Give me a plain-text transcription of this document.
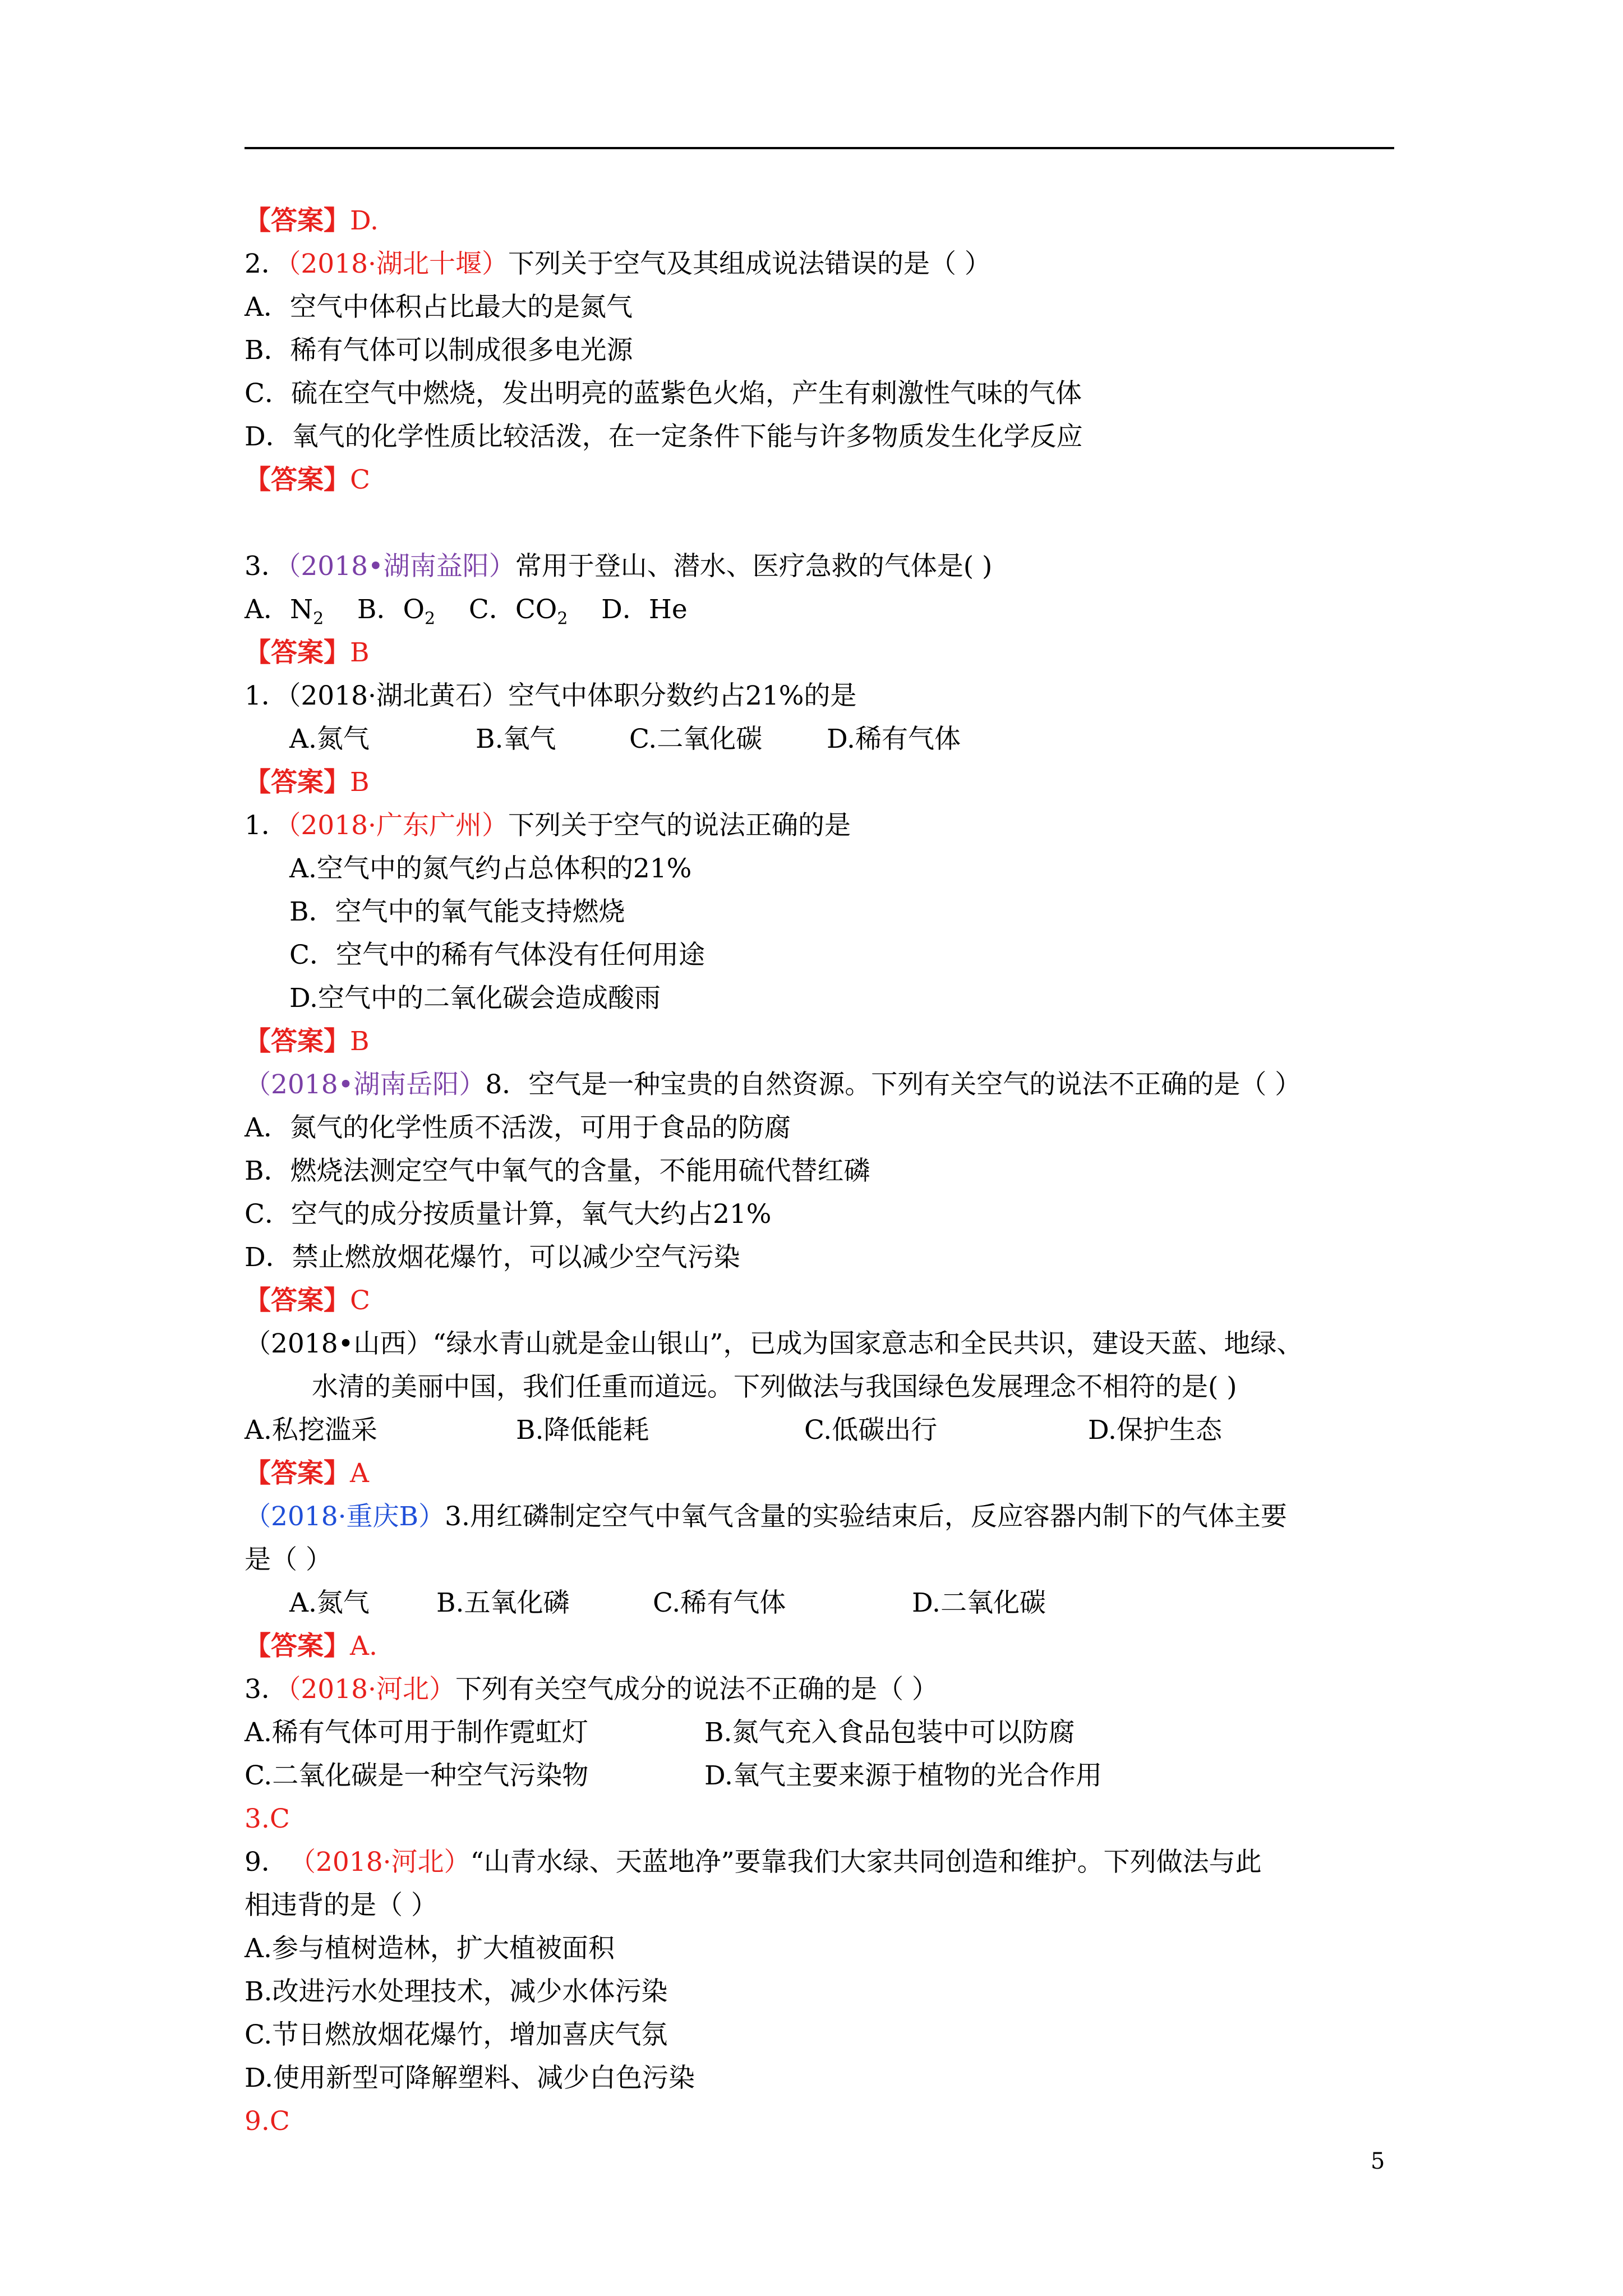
【答案】D.
2．（2018·湖北十堰）下列关于空气及其组成说法错误的是（ ）
A．空气中体积占比最大的是氮气
B．稀有气体可以制成很多电光源
C．硫在空气中燃烧，发出明亮的蓝紫色火焰，产生有刺激性气味的气体
D．氧气的化学性质比较活泼，在一定条件下能与许多物质发生化学反应
【答案】C
3．（2018•湖南益阳）常用于登山、潜水、医疗急救的气体是( )
A．$N_2$    B．$O_2$    C．$CO_2$    D．He
【答案】B
1．（2018·湖北黄石）空气中体职分数约占21%的是
A.氮气	B.氧气	C.二氧化碳 D.稀有气体
【答案】B
1．（2018·广东广州）下列关于空气的说法正确的是
A.空气中的氮气约占总体积的21%
B．空气中的氧气能支持燃烧
C．空气中的稀有气体没有任何用途
D.空气中的二氧化碳会造成酸雨
【答案】B
（2018•湖南岳阳）8．空气是一种宝贵的自然资源。下列有关空气的说法不正确的是（ ）
A．氮气的化学性质不活泼，可用于食品的防腐
B．燃烧法测定空气中氧气的含量，不能用硫代替红磷
C．空气的成分按质量计算，氧气大约占21%
D．禁止燃放烟花爆竹，可以减少空气污染
【答案】C
（2018•山西）“绿水青山就是金山银山”，已成为国家意志和全民共识，建设天蓝、地绿、
水清的美丽中国，我们任重而道远。下列做法与我国绿色发展理念不相符的是( )
A.私挖滥采	B.降低能耗	C.低碳出行	D.保护生态
【答案】A
（2018·重庆B）3.用红磷制定空气中氧气含量的实验结束后，反应容器内制下的气体主要
是（ ）
A.氮气	B.五氧化磷	C.稀有气体	D.二氧化碳
【答案】A.
3．（2018·河北）下列有关空气成分的说法不正确的是（ ）
A.稀有气体可用于制作霓虹灯	B.氮气充入食品包装中可以防腐
C.二氧化碳是一种空气污染物	D.氧气主要来源于植物的光合作用
3.C
9．（2018·河北）“山青水绿、天蓝地净”要靠我们大家共同创造和维护。下列做法与此
相违背的是（ ）
A.参与植树造林，扩大植被面积
B.改进污水处理技术，减少水体污染
C.节日燃放烟花爆竹，增加喜庆气氛
D.使用新型可降解塑料、减少白色污染
9.C
5
